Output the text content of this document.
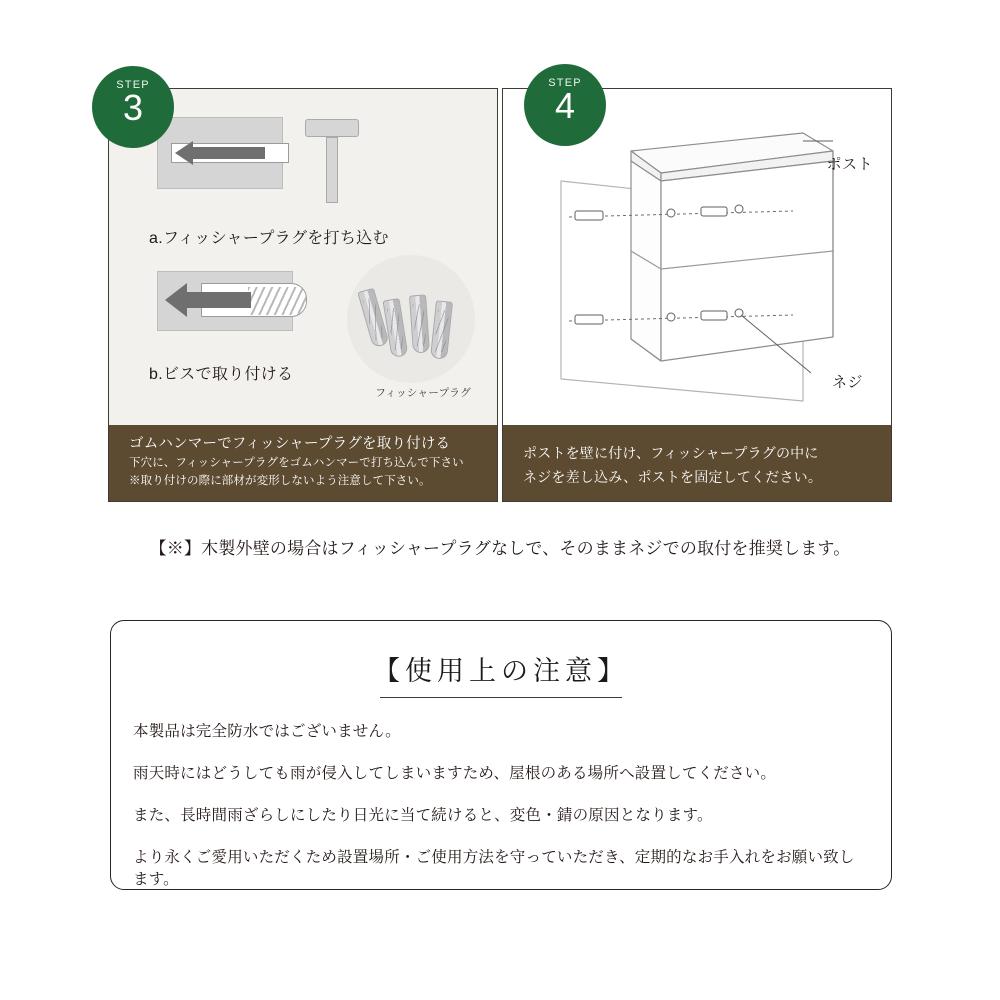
a.フィッシャープラグを打ち込む
b.ビスで取り付ける
フィッシャープラグ
ゴムハンマーでフィッシャープラグを取り付ける
下穴に、フィッシャープラグをゴムハンマーで打ち込んで下さい
※取り付けの際に部材が変形しないよう注意して下さい。
STEP
3
ポスト
ネジ
ポストを壁に付け、フィッシャープラグの中に
ネジを差し込み、ポストを固定してください。
STEP
4
【※】木製外壁の場合はフィッシャープラグなしで、そのままネジでの取付を推奨します。
【使用上の注意】

本製品は完全防水ではございません。

雨天時にはどうしても雨が侵入してしまいますため、屋根のある場所へ設置してください。

また、長時間雨ざらしにしたり日光に当て続けると、変色・錆の原因となります。

より永くご愛用いただくため設置場所・ご使用方法を守っていただき、定期的なお手入れをお願い致します。
